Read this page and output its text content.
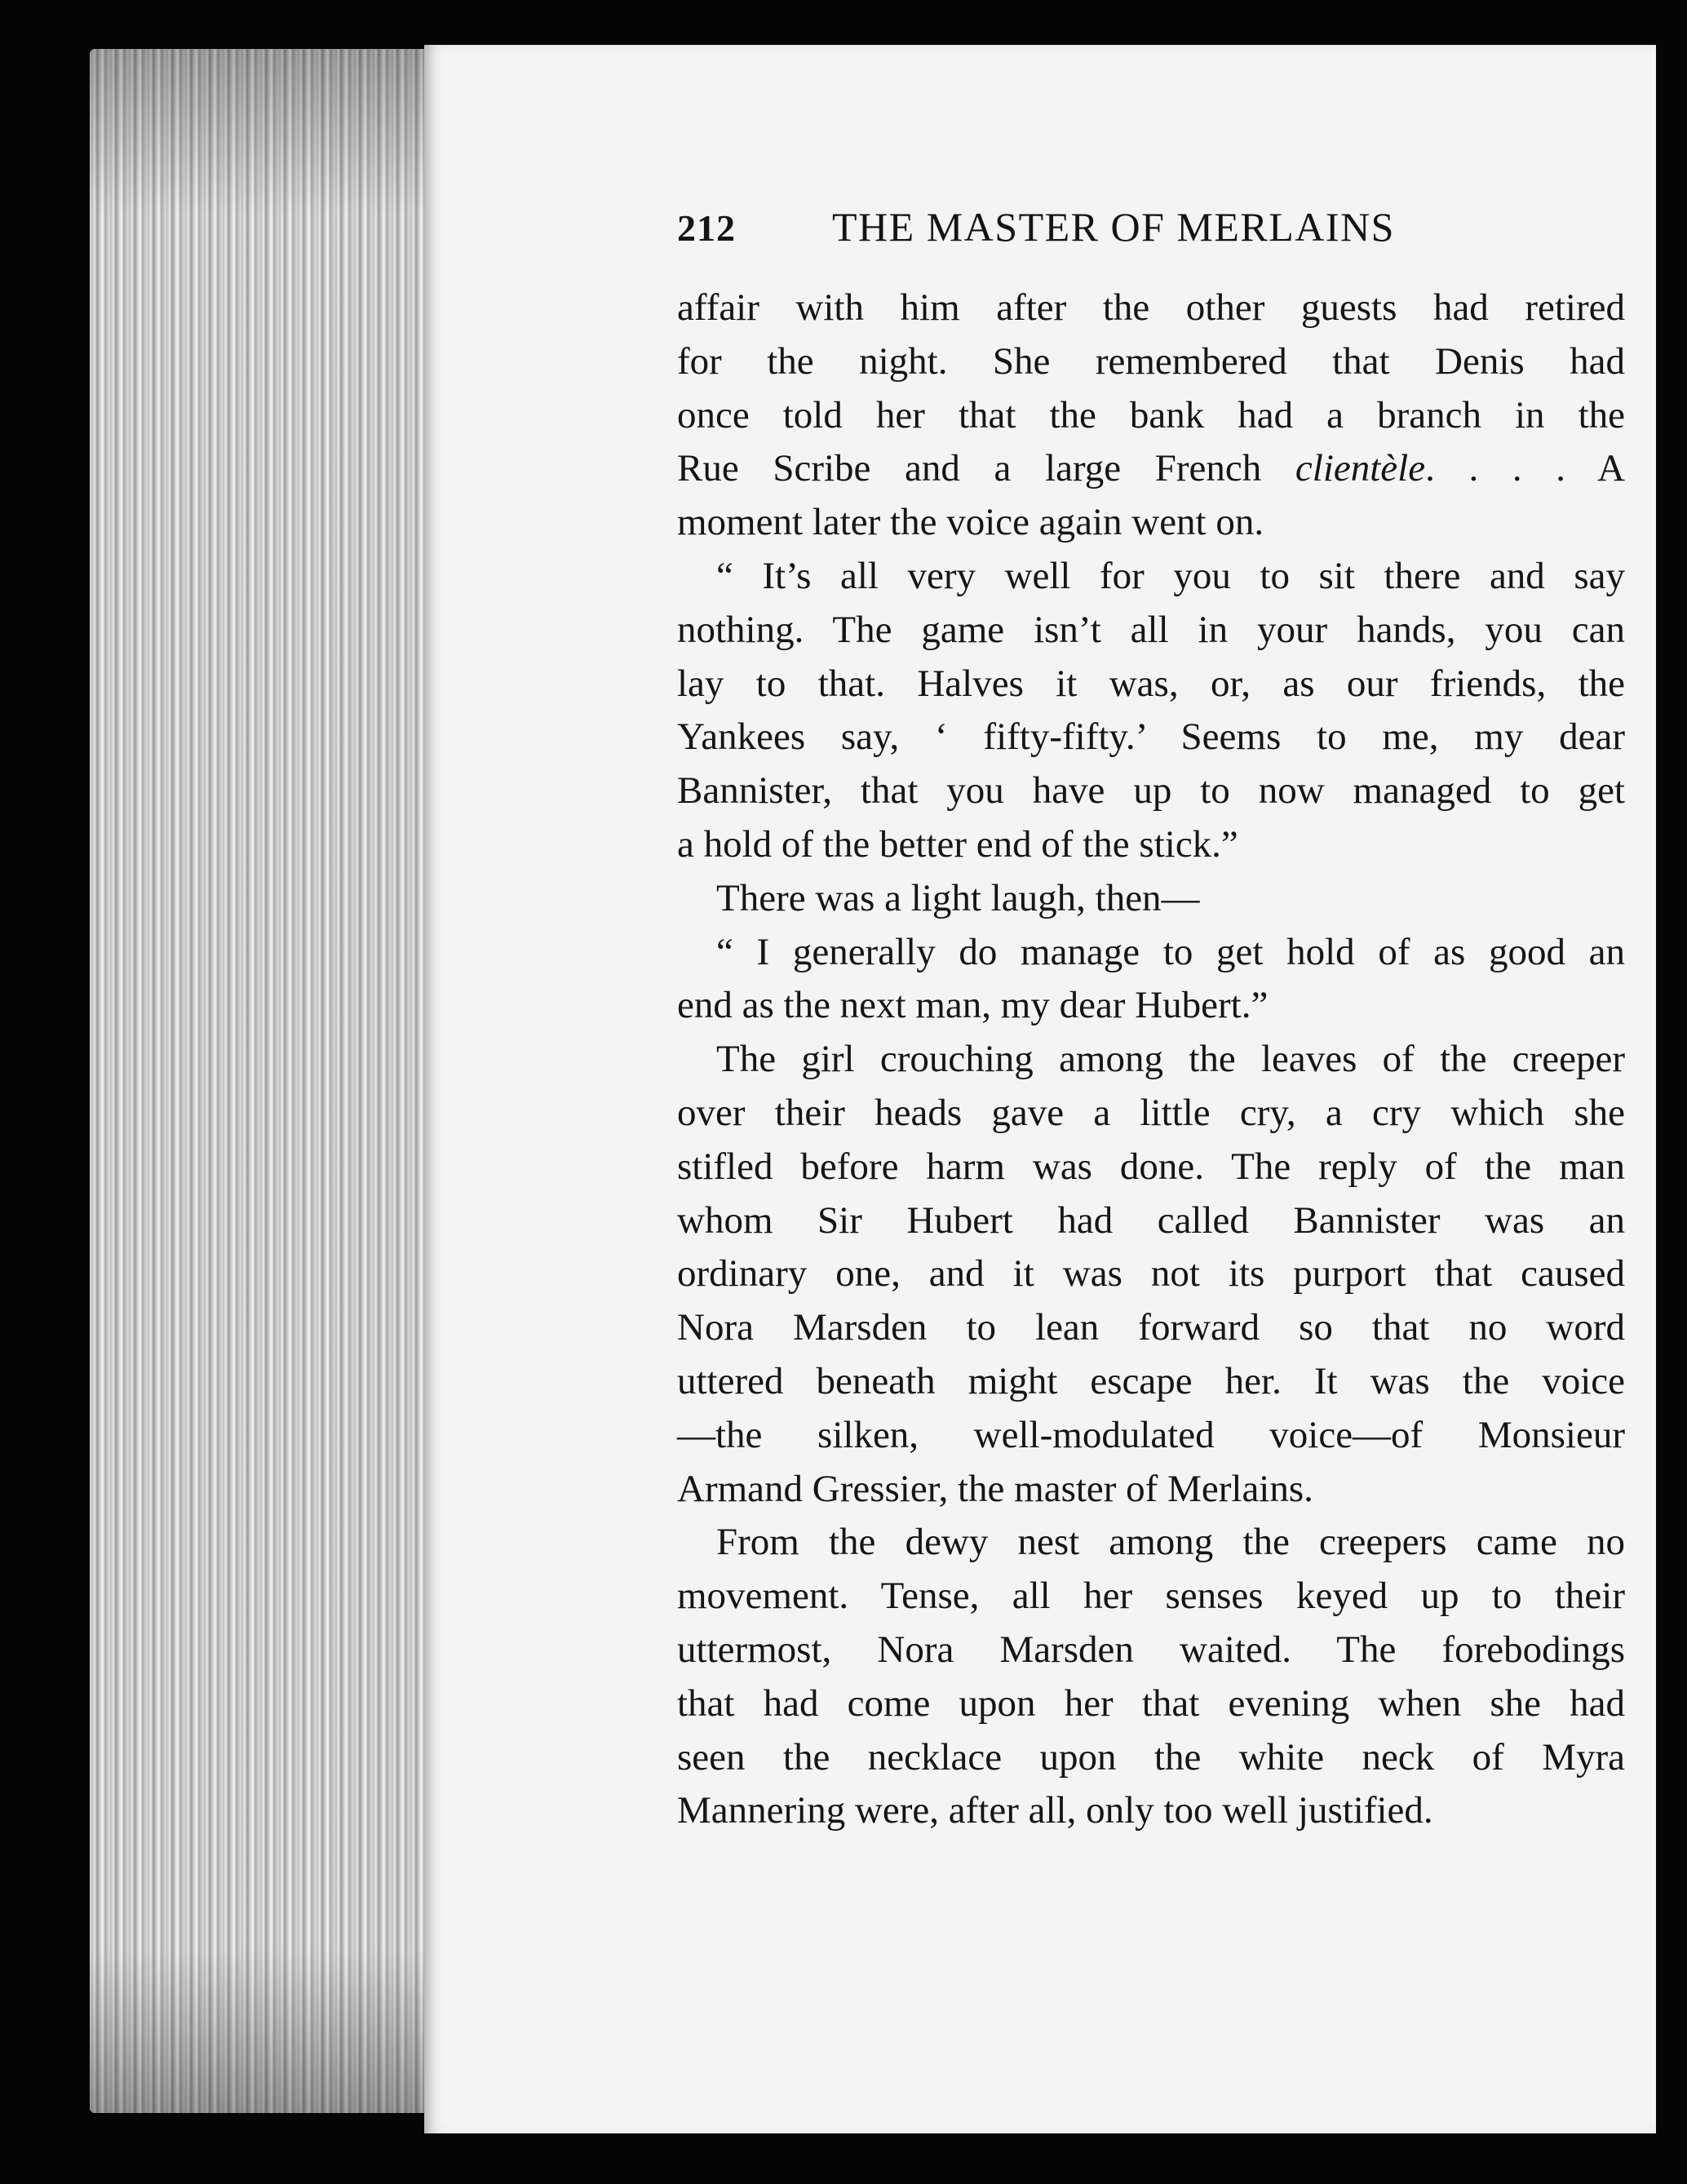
212 THE MASTER OF MERLAINS

affair with him after the other guests had retired
for the night. She remembered that Denis had
once told her that the bank had a branch in the
Rue Scribe and a large French clientèle. . . . A
moment later the voice again went on.

“ It’s all very well for you to sit there and say
nothing. The game isn’t all in your hands, you can
lay to that. Halves it was, or, as our friends, the
Yankees say, ‘ fifty-fifty.’ Seems to me, my dear
Bannister, that you have up to now managed to get
a hold of the better end of the stick.”

There was a light laugh, then—

“ I generally do manage to get hold of as good an
end as the next man, my dear Hubert.”

The girl crouching among the leaves of the creeper
over their heads gave a little cry, a cry which she
stifled before harm was done. The reply of the man
whom Sir Hubert had called Bannister was an
ordinary one, and it was not its purport that caused
Nora Marsden to lean forward so that no word
uttered beneath might escape her. It was the voice
—the silken, well-modulated voice—of Monsieur
Armand Gressier, the master of Merlains.

From the dewy nest among the creepers came no
movement. Tense, all her senses keyed up to their
uttermost, Nora Marsden waited. The forebodings
that had come upon her that evening when she had
seen the necklace upon the white neck of Myra
Mannering were, after all, only too well justified.
